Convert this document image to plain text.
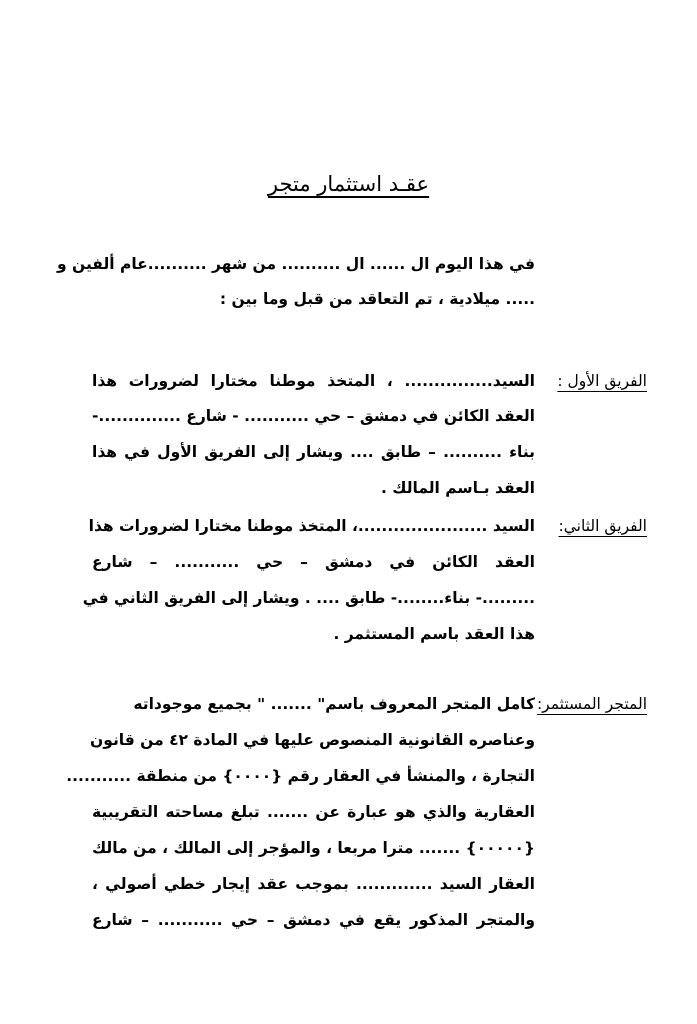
عقـد استثمار متجر
في هذا اليوم ال ...... ال .......... من شهر ..........عام ألفين و
..... ميلادية ، تم التعاقد من قبل وما بين :
الفريق الأول :
السيد............... ، المتخذ موطنا مختارا لضرورات هذا
العقد الكائن في دمشق – حي ........... - شارع ..............-
بناء .......... – طابق .... ويشار إلى الفريق الأول في هذا
العقد بـاسم المالك .
الفريق الثاني:
السيد ......................، المتخذ موطنا مختارا لضرورات هذا
العقد الكائن في دمشق – حي ........... – شارع
.........- بناء........- طابق .... . ويشار إلى الفريق الثاني في
هذا العقد باسم المستثمر .
المتجر المستثمر:
كامل المتجر المعروف باسم" ....... " بجميع موجوداته
وعناصره القانونية المنصوص عليها في المادة ٤٢ من قانون
التجارة ، والمنشأ في العقار رقم {٠٠٠٠} من منطقة ...........
العقارية والذي هو عبارة عن ....... تبلغ مساحته التقريبية
{٠٠٠٠٠} ....... مترا مربعا ، والمؤجر إلى المالك ، من مالك
العقار السيد ............. بموجب عقد إيجار خطي أصولي ،
والمتجر المذكور يقع في دمشق – حي ........... – شارع
